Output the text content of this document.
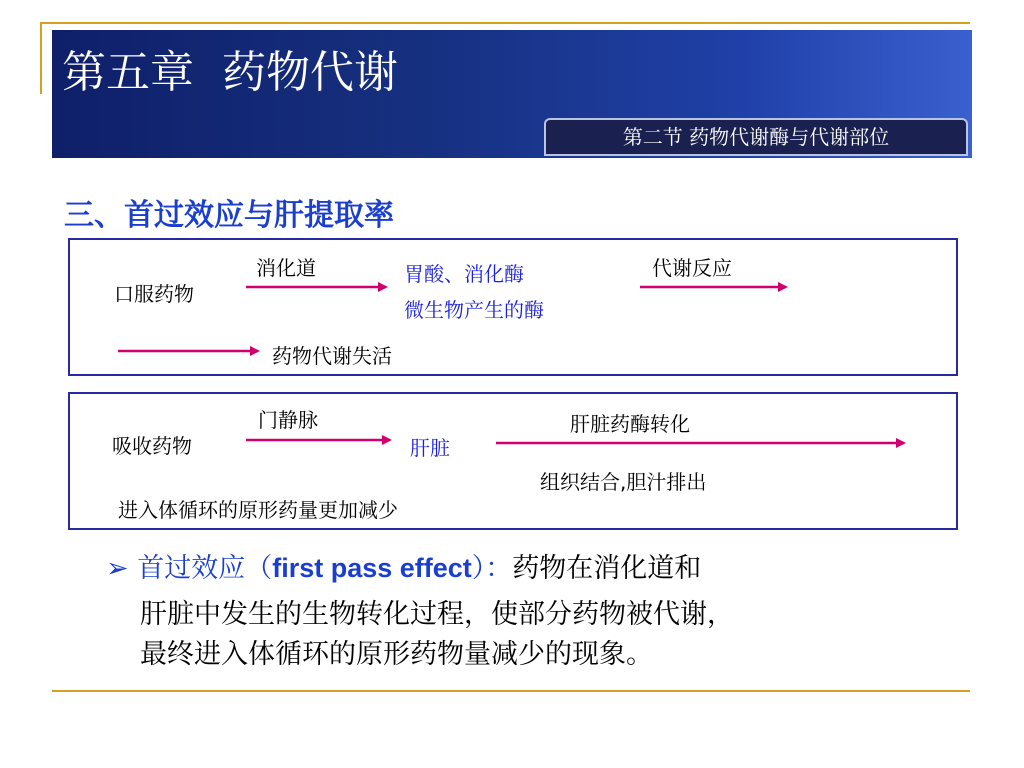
第五章  药物代谢
第二节 药物代谢酶与代谢部位
三、首过效应与肝提取率
口服药物
消化道	胃酸、消化酶
微生物产生的酶
代谢反应
药物代谢失活
吸收药物
门静脉
肝脏
肝脏药酶转化
组织结合,胆汁排出
进入体循环的原形药量更加减少
➢ 首过效应（first pass effect）：药物在消化道和
肝脏中发生的生物转化过程，使部分药物被代谢，
最终进入体循环的原形药物量减少的现象。
